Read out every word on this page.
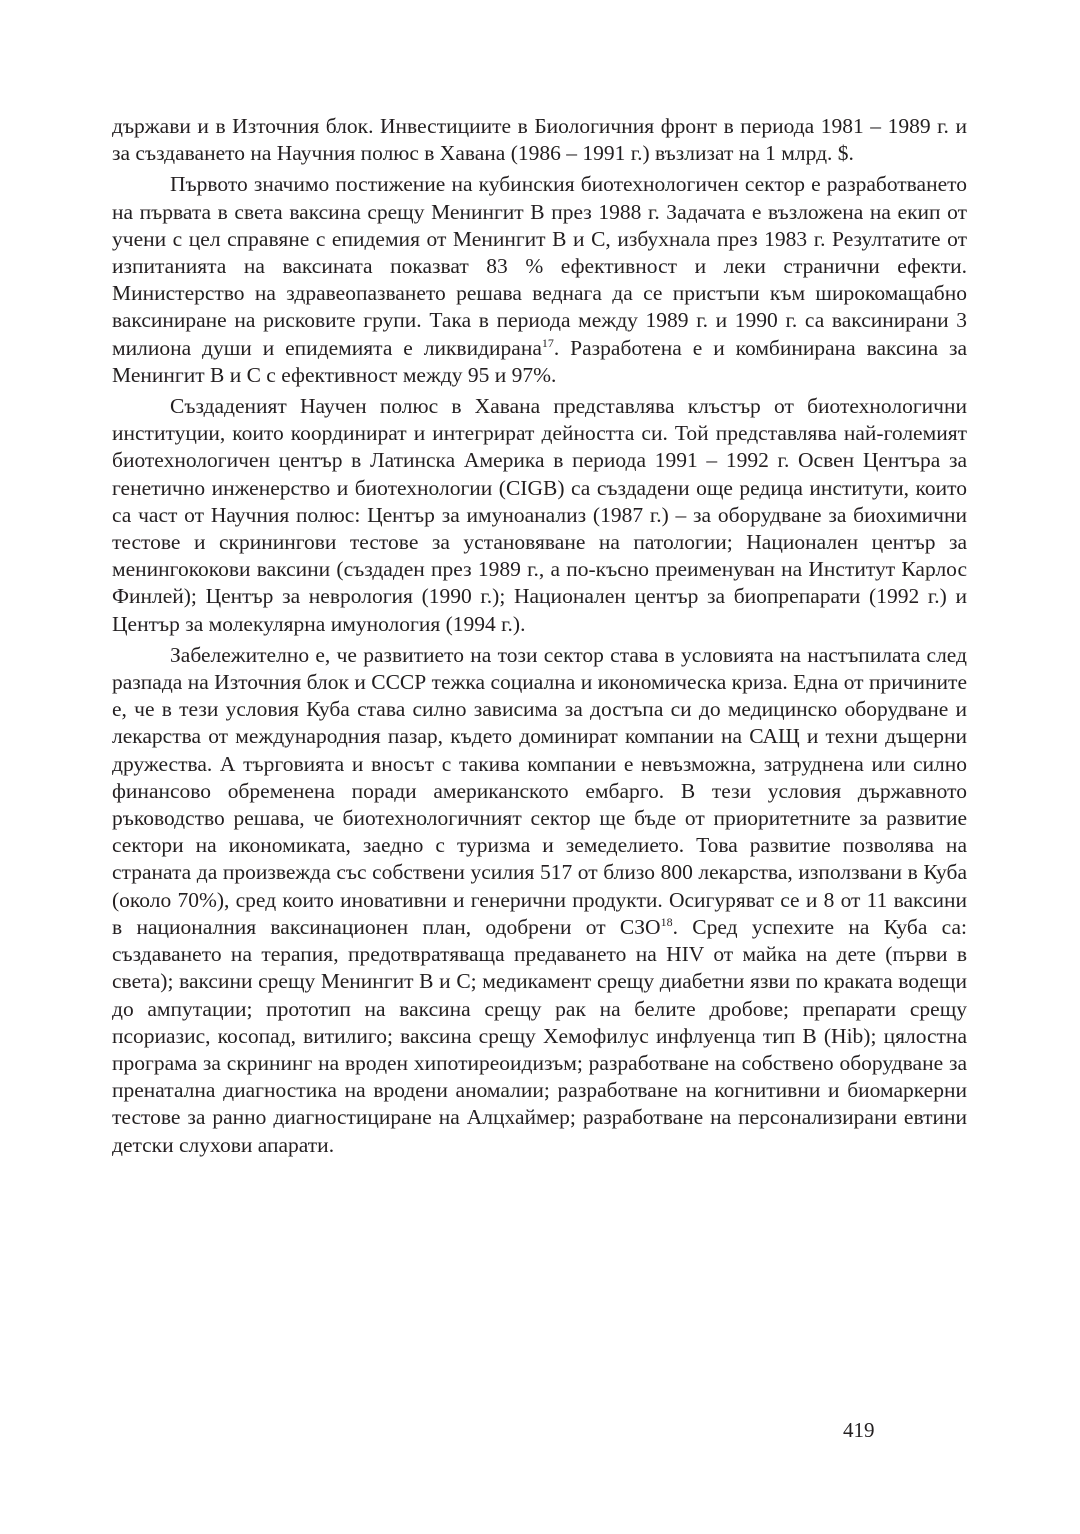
държави и в Източния блок. Инвестициите в Биологичния фронт в периода 1981 – 1989 г. и за създаването на Научния полюс в Хавана (1986 – 1991 г.) възлизат на 1 млрд. $.

Първото значимо постижение на кубинския биотехнологичен сектор е разработването на първата в света ваксина срещу Менингит В през 1988 г. Задачата е възложена на екип от учени с цел справяне с епидемия от Менингит В и С, избухнала през 1983 г. Резултатите от изпитанията на ваксината показват 83 % ефективност и леки странични ефекти. Министерство на здравеопазването решава веднага да се пристъпи към широкомащабно ваксиниране на рисковите групи. Така в периода между 1989 г. и 1990 г. са ваксинирани 3 милиона души и епидемията е ликвидирана$^{17}$. Разработена е и комбинирана ваксина за Менингит В и С с ефективност между 95 и 97%.

Създаденият Научен полюс в Хавана представлява клъстър от биотехнологични институции, които координират и интегрират дейността си. Той представлява най-големият биотехнологичен център в Латинска Америка в периода 1991 – 1992 г. Освен Центъра за генетично инженерство и биотехнологии (CIGB) са създадени още редица институти, които са част от Научния полюс: Център за имуноанализ (1987 г.) – за оборудване за биохимични тестове и скринингови тестове за установяване на патологии; Национален център за менингококови ваксини (създаден през 1989 г., а по-късно преименуван на Институт Карлос Финлей); Център за неврология (1990 г.); Национален център за биопрепарати (1992 г.) и Център за молекулярна имунология (1994 г.).

Забележително е, че развитието на този сектор става в условията на настъпилата след разпада на Източния блок и СССР тежка социална и икономическа криза. Една от причините е, че в тези условия Куба става силно зависима за достъпа си до медицинско оборудване и лекарства от международния пазар, където доминират компании на САЩ и техни дъщерни дружества. А търговията и вносът с такива компании е невъзможна, затруднена или силно финансово обременена поради американското ембарго. В тези условия държавното ръководство решава, че биотехнологичният сектор ще бъде от приоритетните за развитие сектори на икономиката, заедно с туризма и земеделието. Това развитие позволява на страната да произвежда със собствени усилия 517 от близо 800 лекарства, използвани в Куба (около 70%), сред които иновативни и генерични продукти. Осигуряват се и 8 от 11 ваксини в националния ваксинационен план, одобрени от СЗО$^{18}$. Сред успехите на Куба са: създаването на терапия, предотвратяваща предаването на HIV от майка на дете (първи в света); ваксини срещу Менингит В и С; медикамент срещу диабетни язви по краката водещи до ампутации; прототип на ваксина срещу рак на белите дробове; препарати срещу псориазис, косопад, витилиго; ваксина срещу Хемофилус инфлуенца тип В (Hib); цялостна програма за скрининг на вроден хипотиреоидизъм; разработване на собствено оборудване за пренатална диагностика на вродени аномалии; разработване на когнитивни и биомаркерни тестове за ранно диагностициране на Алцхаймер; разработване на персонализирани евтини детски слухови апарати.

419
